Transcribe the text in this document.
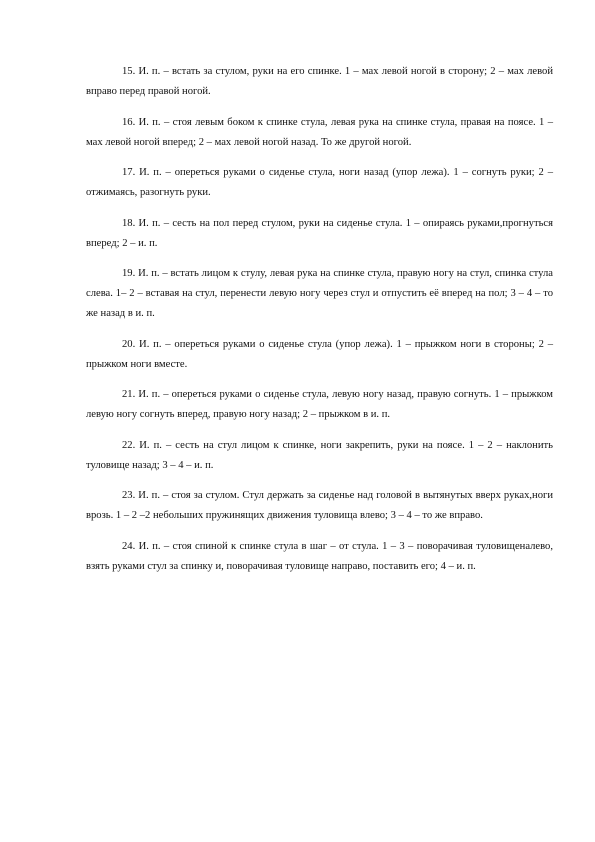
15. И. п. – встать за стулом, руки на его спинке. 1 – мах левой ногой в сторону; 2 – мах левой вправо перед правой ногой.

16. И. п. – стоя левым боком к спинке стула, левая рука на спинке стула, правая на поясе. 1 – мах левой ногой вперед; 2 – мах левой ногой назад. То же другой ногой.

17. И. п. – опереться руками о сиденье стула, ноги назад (упор лежа). 1 – согнуть руки; 2 – отжимаясь, разогнуть руки.

18. И. п. – сесть на пол перед стулом, руки на сиденье стула. 1 – опираясь руками,прогнуться вперед; 2 – и. п.

19. И. п. – встать лицом к стулу, левая рука на спинке стула, правую ногу на стул, спинка стула слева. 1– 2 – вставая на стул, перенести левую ногу через стул и отпустить её вперед на пол; 3 – 4 – то же назад в и. п.

20. И. п. – опереться руками о сиденье стула (упор лежа). 1 – прыжком ноги в стороны; 2 –прыжком ноги вместе.

21. И. п. – опереться руками о сиденье стула, левую ногу назад, правую согнуть. 1 – прыжком левую ногу согнуть вперед, правую ногу назад; 2 – прыжком в и. п.

22. И. п. – сесть на стул лицом к спинке, ноги закрепить, руки на поясе. 1 – 2 – наклонить туловище назад; 3 – 4 – и. п.

23. И. п. – стоя за стулом. Стул держать за сиденье над головой в вытянутых вверх руках,ноги врозь. 1 – 2 –2 небольших пружинящих движения туловища влево; 3 – 4 – то же вправо.

24. И. п. – стоя спиной к спинке стула в шаг – от стула. 1 – 3 – поворачивая туловищеналево, взять руками стул за спинку и, поворачивая туловище направо, поставить его; 4 – и. п.
